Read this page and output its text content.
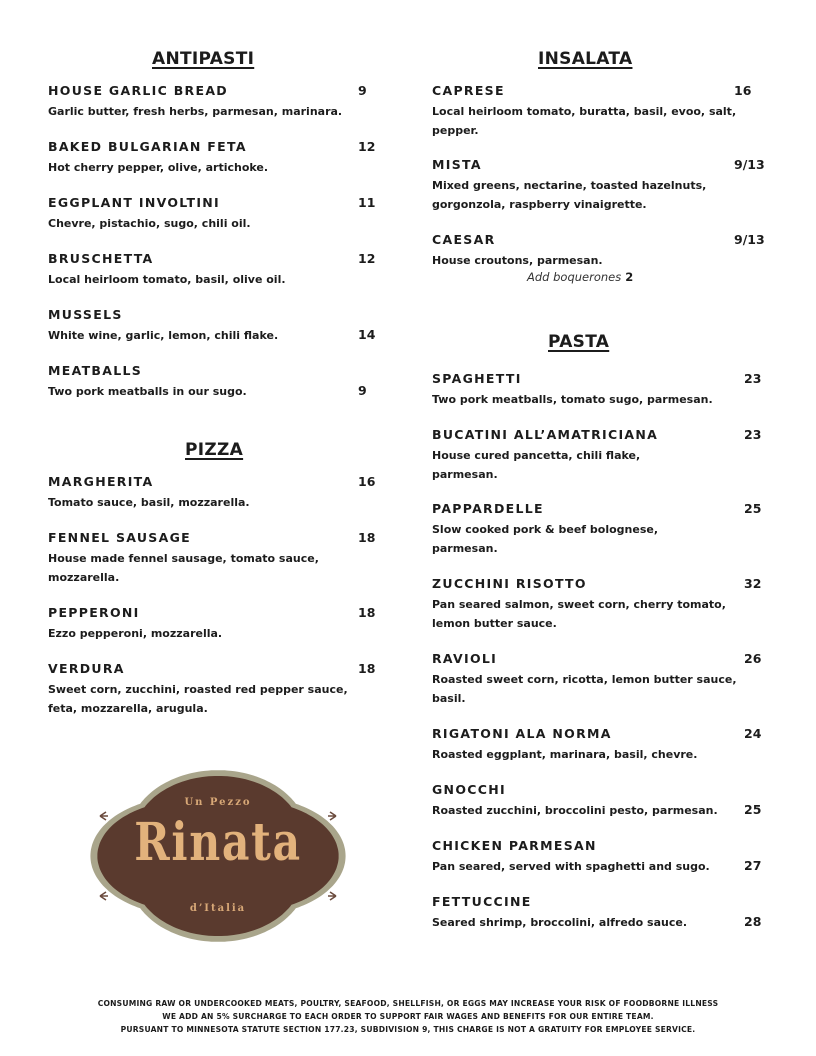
ANTIPASTI
HOUSE GARLIC BREAD
Garlic butter, fresh herbs, parmesan, marinara.
9
BAKED BULGARIAN FETA
Hot cherry pepper, olive, artichoke.
12
EGGPLANT INVOLTINI
Chevre, pistachio, sugo, chili oil.
11
BRUSCHETTA
Local heirloom tomato, basil, olive oil.
12
MUSSELS
White wine, garlic, lemon, chili flake.	14
MEATBALLS
Two pork meatballs in our sugo.	9
PIZZA
MARGHERITA
Tomato sauce, basil, mozzarella.
16
FENNEL SAUSAGE
House made fennel sausage, tomato sauce, mozzarella.
18
PEPPERONI
Ezzo pepperoni, mozzarella.
18
VERDURA
Sweet corn, zucchini, roasted red pepper sauce, feta, mozzarella, arugula.
18
Un Pezzo
Rinata
d’Italia
INSALATA
CAPRESE
Local heirloom tomato, buratta, basil, evoo, salt, pepper.
16
MISTA
Mixed greens, nectarine, toasted hazelnuts, gorgonzola, raspberry vinaigrette.
9/13
CAESAR
House croutons, parmesan.
9/13
Add boquerones 2
PASTA
SPAGHETTI
Two pork meatballs, tomato sugo, parmesan.
23
BUCATINI ALL’AMATRICIANA
House cured pancetta, chili flake, parmesan.
23
PAPPARDELLE
Slow cooked pork & beef bolognese, parmesan.
25
ZUCCHINI RISOTTO
Pan seared salmon, sweet corn, cherry tomato, lemon butter sauce.
32
RAVIOLI
Roasted sweet corn, ricotta, lemon butter sauce, basil.
26
RIGATONI ALA NORMA
Roasted eggplant, marinara, basil, chevre.
24
GNOCCHI
Roasted zucchini, broccolini pesto, parmesan.	25
CHICKEN PARMESAN
Pan seared, served with spaghetti and sugo.	27
FETTUCCINE
Seared shrimp, broccolini, alfredo sauce.	28
CONSUMING RAW OR UNDERCOOKED MEATS, POULTRY, SEAFOOD, SHELLFISH, OR EGGS MAY INCREASE YOUR RISK OF FOODBORNE ILLNESS
WE ADD AN 5% SURCHARGE TO EACH ORDER TO SUPPORT FAIR WAGES AND BENEFITS FOR OUR ENTIRE TEAM.
PURSUANT TO MINNESOTA STATUTE SECTION 177.23, SUBDIVISION 9, THIS CHARGE IS NOT A GRATUITY FOR EMPLOYEE SERVICE.
